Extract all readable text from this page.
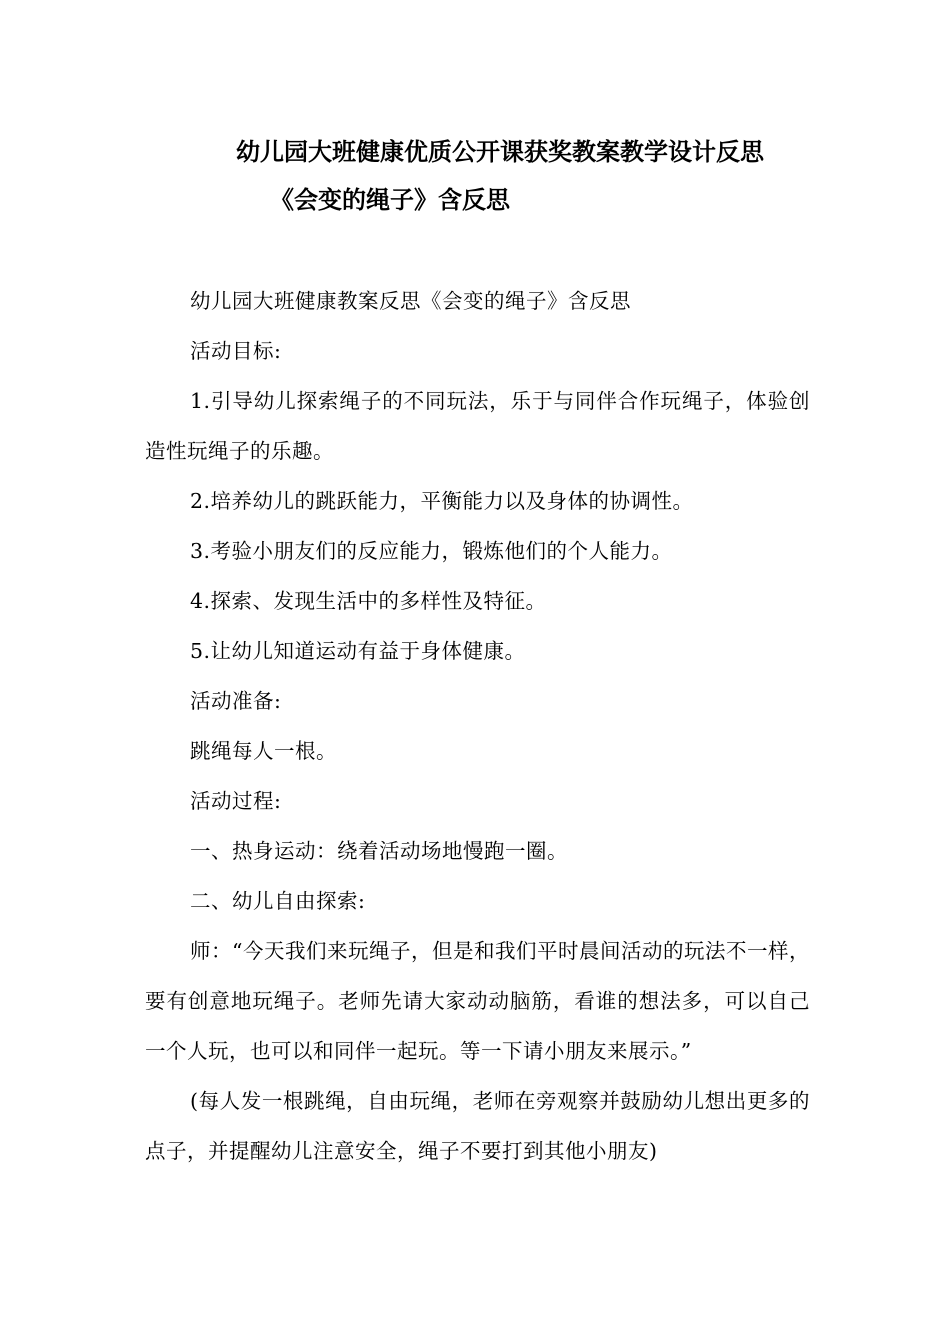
幼儿园大班健康优质公开课获奖教案教学设计反思
《会变的绳子》含反思

幼儿园大班健康教案反思《会变的绳子》含反思

活动目标:

1.引导幼儿探索绳子的不同玩法，乐于与同伴合作玩绳子，体验创造性玩绳子的乐趣。

2.培养幼儿的跳跃能力，平衡能力以及身体的协调性。

3.考验小朋友们的反应能力，锻炼他们的个人能力。

4.探索、发现生活中的多样性及特征。

5.让幼儿知道运动有益于身体健康。

活动准备:

跳绳每人一根。

活动过程:

一、热身运动：绕着活动场地慢跑一圈。

二、幼儿自由探索:

师：“今天我们来玩绳子，但是和我们平时晨间活动的玩法不一样，要有创意地玩绳子。老师先请大家动动脑筋，看谁的想法多，可以自己一个人玩，也可以和同伴一起玩。等一下请小朋友来展示。”

(每人发一根跳绳，自由玩绳，老师在旁观察并鼓励幼儿想出更多的点子，并提醒幼儿注意安全，绳子不要打到其他小朋友)
